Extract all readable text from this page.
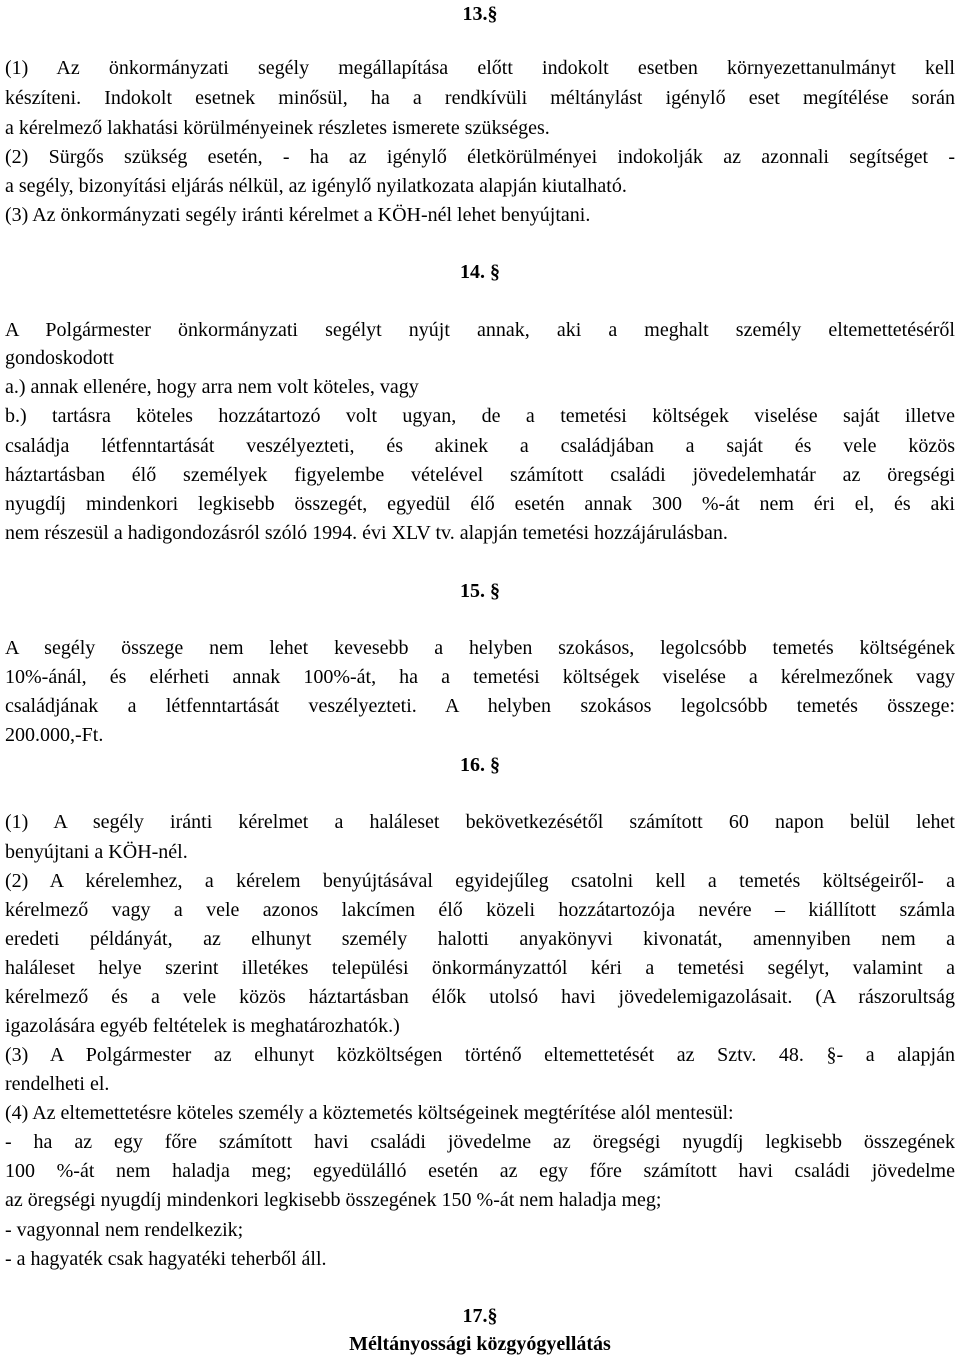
13.§
(1) Az önkormányzati segély megállapítása előtt indokolt esetben környezettanulmányt kell
készíteni. Indokolt esetnek minősül, ha a rendkívüli méltánylást igénylő eset megítélése során
a kérelmező lakhatási körülményeinek részletes ismerete szükséges.
(2) Sürgős szükség esetén, - ha az igénylő életkörülményei indokolják az azonnali segítséget -
a segély, bizonyítási eljárás nélkül, az igénylő nyilatkozata alapján kiutalható.
(3) Az önkormányzati segély iránti kérelmet a KÖH-nél lehet benyújtani.
14. §
A Polgármester önkormányzati segélyt nyújt annak, aki a meghalt személy eltemettetéséről
gondoskodott
a.) annak ellenére, hogy arra nem volt köteles, vagy
b.) tartásra köteles hozzátartozó volt ugyan, de a temetési költségek viselése saját illetve
családja létfenntartását veszélyezteti, és akinek a családjában a saját és vele közös
háztartásban élő személyek figyelembe vételével számított családi jövedelemhatár az öregségi
nyugdíj mindenkori legkisebb összegét, egyedül élő esetén annak 300 %-át nem éri el, és aki
nem részesül a hadigondozásról szóló 1994. évi XLV tv. alapján temetési hozzájárulásban.
15. §
A segély összege nem lehet kevesebb a helyben szokásos, legolcsóbb temetés költségének
10%-ánál, és elérheti annak 100%-át, ha a temetési költségek viselése a kérelmezőnek vagy
családjának a létfenntartását veszélyezteti. A helyben szokásos legolcsóbb temetés összege:
200.000,-Ft.
16. §
(1) A segély iránti kérelmet a haláleset bekövetkezésétől számított 60 napon belül lehet
benyújtani a KÖH-nél.
(2) A kérelemhez, a kérelem benyújtásával egyidejűleg csatolni kell a temetés költségeiről- a
kérelmező vagy a vele azonos lakcímen élő közeli hozzátartozója nevére – kiállított számla
eredeti példányát, az elhunyt személy halotti anyakönyvi kivonatát, amennyiben nem a
haláleset helye szerint illetékes települési önkormányzattól kéri a temetési segélyt, valamint a
kérelmező és a vele közös háztartásban élők utolsó havi jövedelemigazolásait. (A rászorultság
igazolására egyéb feltételek is meghatározhatók.)
(3) A Polgármester az elhunyt közköltségen történő eltemettetését az Sztv. 48. §- a alapján
rendelheti el.
(4) Az eltemettetésre köteles személy a köztemetés költségeinek megtérítése alól mentesül:
- ha az egy főre számított havi családi jövedelme az öregségi nyugdíj legkisebb összegének
100 %-át nem haladja meg; egyedülálló esetén az egy főre számított havi családi jövedelme
az öregségi nyugdíj mindenkori legkisebb összegének 150 %-át nem haladja meg;
- vagyonnal nem rendelkezik;
- a hagyaték csak hagyatéki teherből áll.
17.§
Méltányossági közgyógyellátás
